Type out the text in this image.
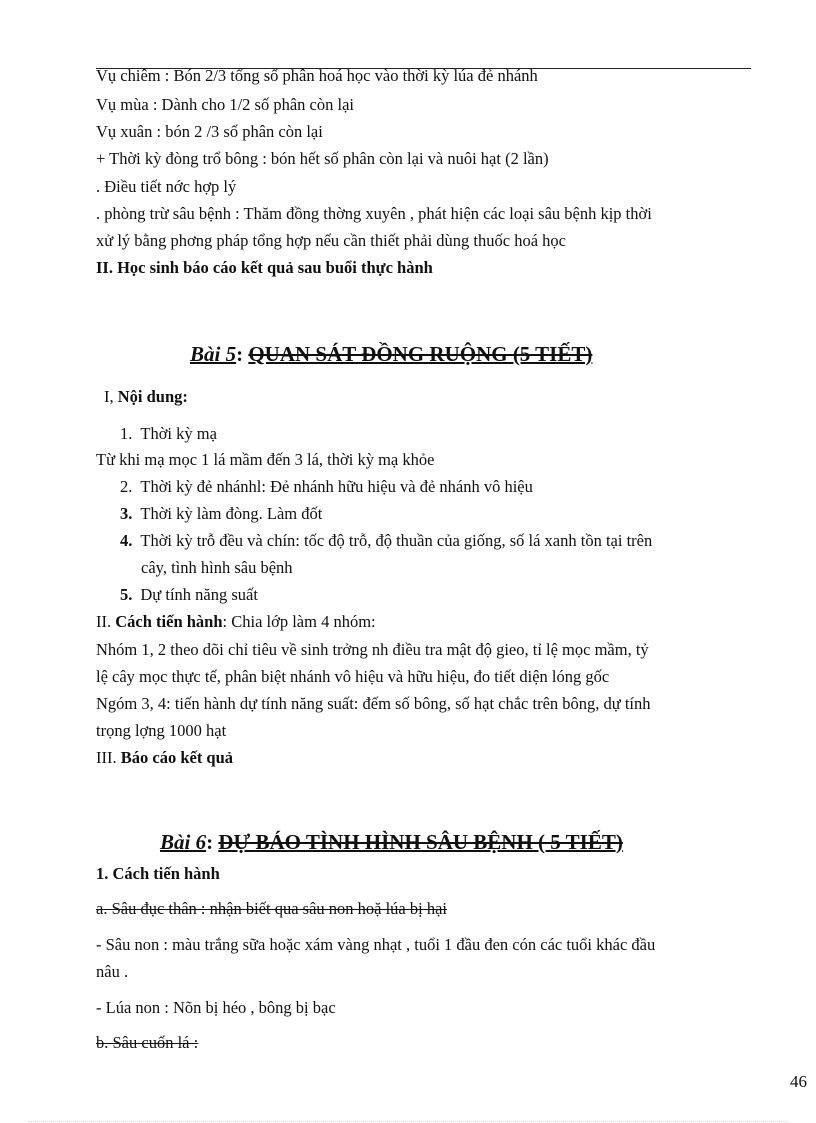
Vụ chiêm : Bón 2/3 tổng số phân hoá học vào thời kỳ lúa đẻ nhánh
Vụ mùa : Dành cho 1/2 số phân còn lại
Vụ xuân : bón 2 /3 số phân còn lại
+ Thời kỳ đòng trổ bông : bón hết số phân còn lại và nuôi hạt (2 lần)
. Điều tiết nớc hợp lý
. phòng trừ sâu bệnh : Thăm đồng thờng xuyên , phát hiện các loại sâu bệnh kịp thời
xử lý bằng phơng pháp tổng hợp nếu cần thiết phải dùng thuốc hoá học
II. Học sinh báo cáo kết quả sau buổi thực hành
Bài 5: QUAN SÁT ĐỒNG RUỘNG (5 TIẾT)
I, Nội dung:
1. Thời kỳ mạ
Từ khi mạ mọc 1 lá mầm đến 3 lá, thời kỳ mạ khỏe
2. Thời kỳ đẻ nhánhl: Đẻ nhánh hữu hiệu và đẻ nhánh vô hiệu
3. Thời kỳ làm đòng. Làm đốt
4. Thời kỳ trỗ đều và chín: tốc độ trỗ, độ thuần của giống, số lá xanh tồn tại trên
cây, tình hình sâu bệnh
5. Dự tính năng suất
II. Cách tiến hành: Chia lớp làm 4 nhóm:
Nhóm 1, 2 theo dõi chỉ tiêu về sinh trởng nh điều tra mật độ gieo, tỉ lệ mọc mầm, tỷ
lệ cây mọc thực tế, phân biệt nhánh vô hiệu và hữu hiệu, đo tiết diện lóng gốc
Ngóm 3, 4: tiến hành dự tính năng suất: đếm số bông, số hạt chắc trên bông, dự tính
trọng lợng 1000 hạt
III. Báo cáo kết quả
Bài 6: DỰ BÁO TÌNH HÌNH SÂU BỆNH ( 5 TIẾT)
1. Cách tiến hành
a. Sâu đục thân : nhận biết qua sâu non hoặ lúa bị hại
- Sâu non : màu trắng sữa hoặc xám vàng nhạt , tuổi 1 đầu đen cón các tuổi khác đầu
nâu .
- Lúa non : Nõn bị héo , bông bị bạc
b. Sâu cuốn lá :
46
